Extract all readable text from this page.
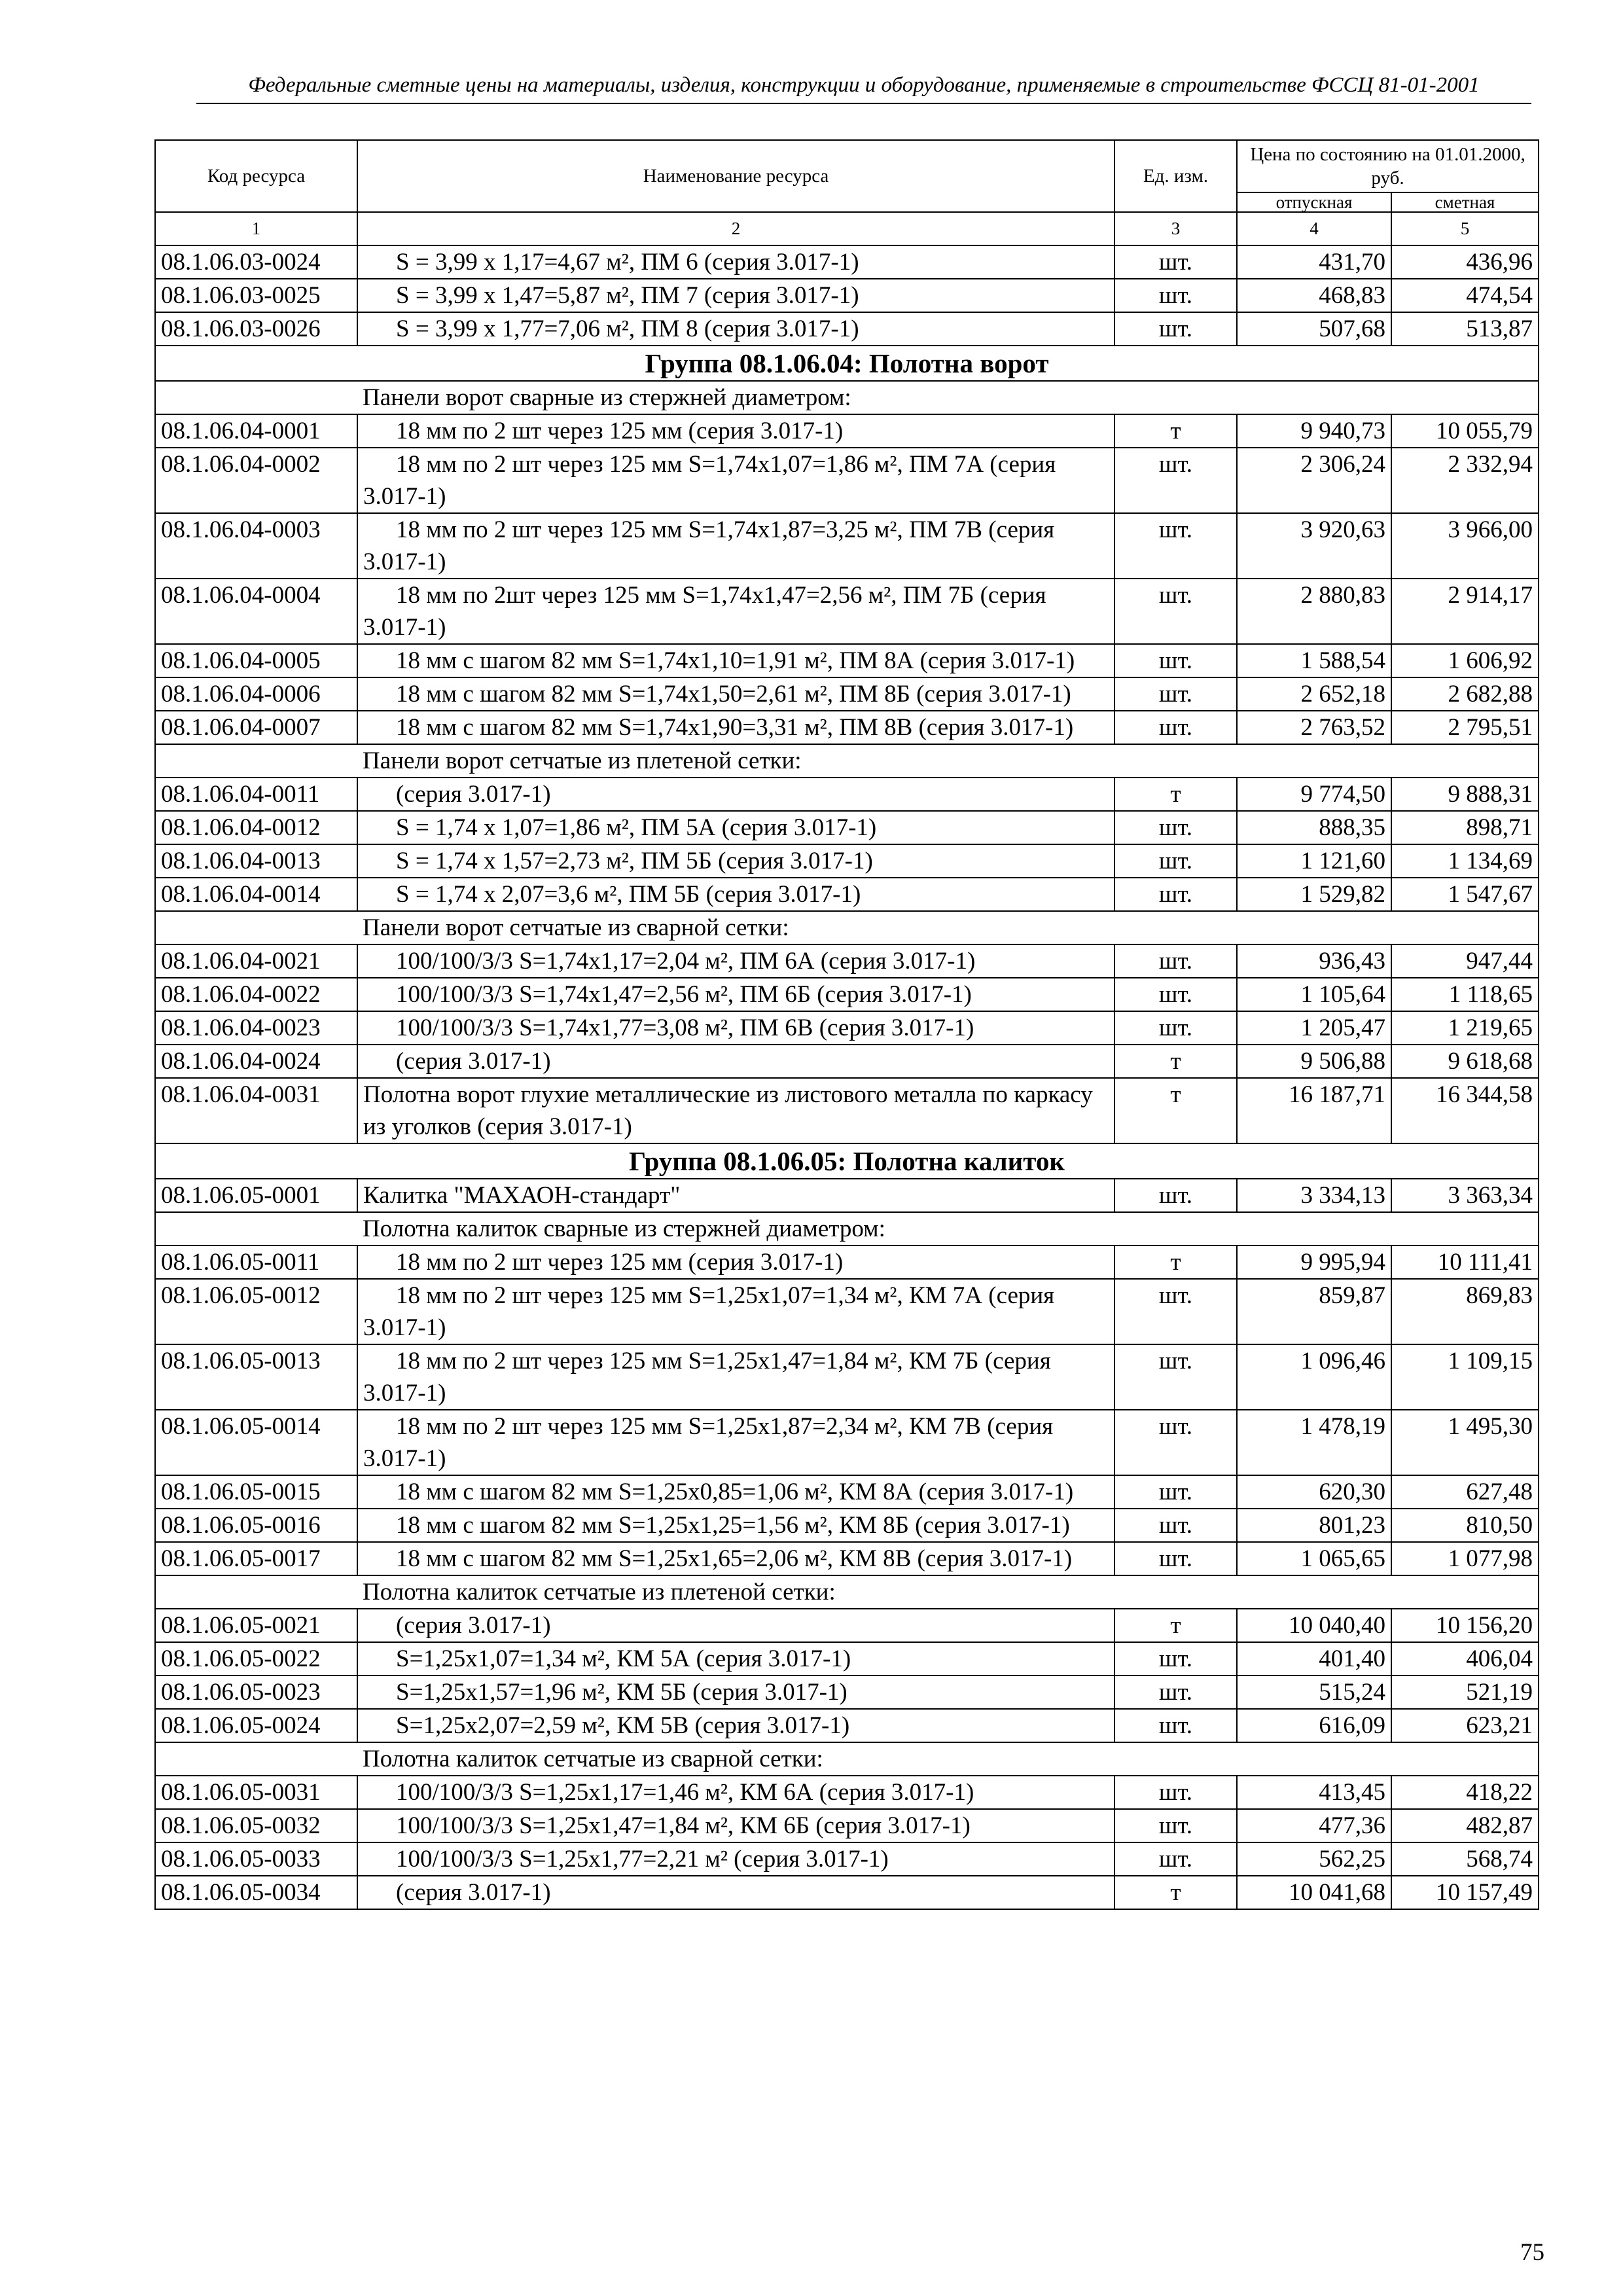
Федеральные сметные цены на материалы, изделия, конструкции и оборудование, применяемые в строительстве ФССЦ 81-01-2001
Код ресурса	Наименование ресурса	Ед. изм.	Цена по состоянию на 01.01.2000, руб.	
			отпускная	сметная
1	2	3	4	5
08.1.06.03-0024	S = 3,99 х 1,17=4,67 м², ПМ 6 (серия 3.017-1)	шт.	431,70	436,96
08.1.06.03-0025	S = 3,99 х 1,47=5,87 м², ПМ 7 (серия 3.017-1)	шт.	468,83	474,54
08.1.06.03-0026	S = 3,99 х 1,77=7,06 м², ПМ 8 (серия 3.017-1)	шт.	507,68	513,87
Группа 08.1.06.04: Полотна ворот				
	Панели ворот сварные из стержней диаметром:			
08.1.06.04-0001	18 мм по 2 шт через 125 мм (серия 3.017-1)	т	9 940,73	10 055,79
08.1.06.04-0002	18 мм по 2 шт через 125 мм S=1,74х1,07=1,86 м², ПМ 7А (серия 3.017-1)	шт.	2 306,24	2 332,94
08.1.06.04-0003	18 мм по 2 шт через 125 мм S=1,74х1,87=3,25 м², ПМ 7В (серия 3.017-1)	шт.	3 920,63	3 966,00
08.1.06.04-0004	18 мм по 2шт через 125 мм S=1,74х1,47=2,56 м², ПМ 7Б (серия 3.017-1)	шт.	2 880,83	2 914,17
08.1.06.04-0005	18 мм с шагом 82 мм S=1,74х1,10=1,91 м², ПМ 8А (серия 3.017-1)	шт.	1 588,54	1 606,92
08.1.06.04-0006	18 мм с шагом 82 мм S=1,74х1,50=2,61 м², ПМ 8Б (серия 3.017-1)	шт.	2 652,18	2 682,88
08.1.06.04-0007	18 мм с шагом 82 мм S=1,74х1,90=3,31 м², ПМ 8В (серия 3.017-1)	шт.	2 763,52	2 795,51
	Панели ворот сетчатые из плетеной сетки:			
08.1.06.04-0011	(серия 3.017-1)	т	9 774,50	9 888,31
08.1.06.04-0012	S = 1,74 х 1,07=1,86 м², ПМ 5А (серия 3.017-1)	шт.	888,35	898,71
08.1.06.04-0013	S = 1,74 х 1,57=2,73 м², ПМ 5Б (серия 3.017-1)	шт.	1 121,60	1 134,69
08.1.06.04-0014	S = 1,74 х 2,07=3,6 м², ПМ 5Б (серия 3.017-1)	шт.	1 529,82	1 547,67
	Панели ворот сетчатые из сварной сетки:			
08.1.06.04-0021	100/100/3/3 S=1,74х1,17=2,04 м², ПМ 6А (серия 3.017-1)	шт.	936,43	947,44
08.1.06.04-0022	100/100/3/3 S=1,74х1,47=2,56 м², ПМ 6Б (серия 3.017-1)	шт.	1 105,64	1 118,65
08.1.06.04-0023	100/100/3/3 S=1,74х1,77=3,08 м², ПМ 6В (серия 3.017-1)	шт.	1 205,47	1 219,65
08.1.06.04-0024	(серия 3.017-1)	т	9 506,88	9 618,68
08.1.06.04-0031	Полотна ворот глухие металлические из листового металла по каркасу из уголков (серия 3.017-1)	т	16 187,71	16 344,58
Группа 08.1.06.05: Полотна калиток				
08.1.06.05-0001	Калитка "МАХАОН-стандарт"	шт.	3 334,13	3 363,34
	Полотна калиток сварные из стержней диаметром:			
08.1.06.05-0011	18 мм по 2 шт через 125 мм (серия 3.017-1)	т	9 995,94	10 111,41
08.1.06.05-0012	18 мм по 2 шт через 125 мм S=1,25х1,07=1,34 м², КМ 7А (серия 3.017-1)	шт.	859,87	869,83
08.1.06.05-0013	18 мм по 2 шт через 125 мм S=1,25х1,47=1,84 м², КМ 7Б (серия 3.017-1)	шт.	1 096,46	1 109,15
08.1.06.05-0014	18 мм по 2 шт через 125 мм S=1,25х1,87=2,34 м², КМ 7В (серия 3.017-1)	шт.	1 478,19	1 495,30
08.1.06.05-0015	18 мм с шагом 82 мм S=1,25х0,85=1,06 м², КМ 8А (серия 3.017-1)	шт.	620,30	627,48
08.1.06.05-0016	18 мм с шагом 82 мм S=1,25х1,25=1,56 м², КМ 8Б (серия 3.017-1)	шт.	801,23	810,50
08.1.06.05-0017	18 мм с шагом 82 мм S=1,25х1,65=2,06 м², КМ 8В (серия 3.017-1)	шт.	1 065,65	1 077,98
	Полотна калиток сетчатые из плетеной сетки:			
08.1.06.05-0021	(серия 3.017-1)	т	10 040,40	10 156,20
08.1.06.05-0022	S=1,25х1,07=1,34 м², КМ 5А (серия 3.017-1)	шт.	401,40	406,04
08.1.06.05-0023	S=1,25х1,57=1,96 м², КМ 5Б (серия 3.017-1)	шт.	515,24	521,19
08.1.06.05-0024	S=1,25х2,07=2,59 м², КМ 5В (серия 3.017-1)	шт.	616,09	623,21
	Полотна калиток сетчатые из сварной сетки:			
08.1.06.05-0031	100/100/3/3 S=1,25х1,17=1,46 м², КМ 6А (серия 3.017-1)	шт.	413,45	418,22
08.1.06.05-0032	100/100/3/3 S=1,25х1,47=1,84 м², КМ 6Б (серия 3.017-1)	шт.	477,36	482,87
08.1.06.05-0033	100/100/3/3 S=1,25х1,77=2,21 м² (серия 3.017-1)	шт.	562,25	568,74
08.1.06.05-0034	(серия 3.017-1)	т	10 041,68	10 157,49
75
